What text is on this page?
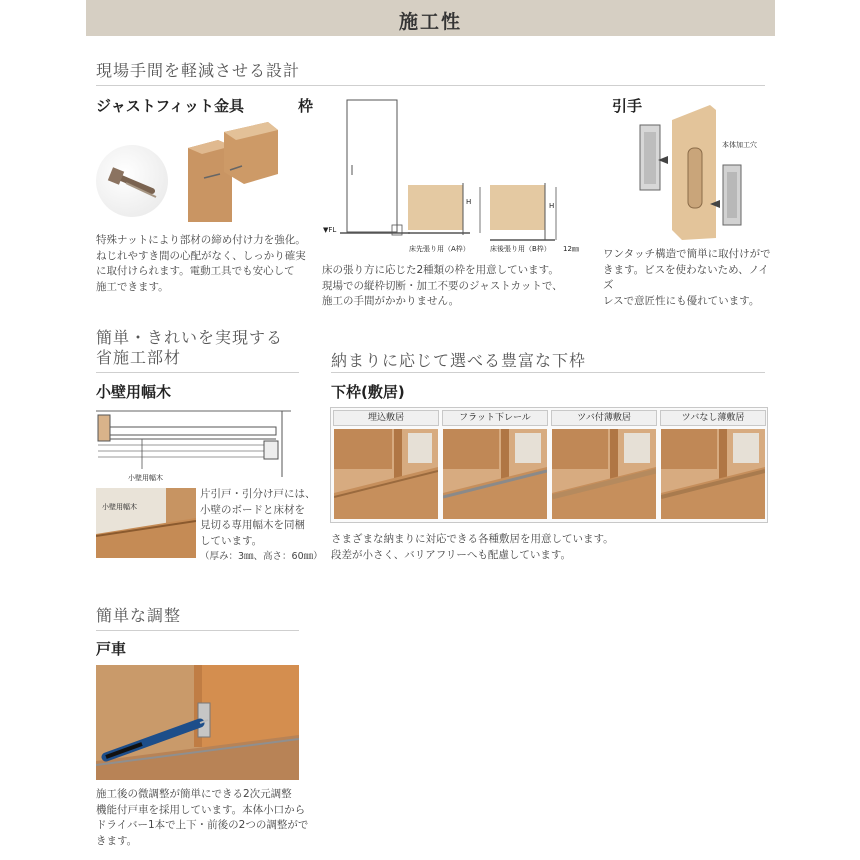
施工性
現場手間を軽減させる設計
ジャストフィット金具
特殊ナットにより部材の締め付け力を強化。
ねじれやすき間の心配がなく、しっかり確実
に取付けられます。電動工具でも安心して
施工できます。
枠
▼FL
H	H
床先張り用（A枠）	床後張り用（B枠） 12㎜
床の張り方に応じた2種類の枠を用意しています。
現場での縦枠切断・加工不要のジャストカットで、
施工の手間がかかりません。
引手
本体加工穴
ワンタッチ構造で簡単に取付けがで
きます。ビスを使わないため、ノイズ
レスで意匠性にも優れています。
簡単・きれいを実現する
省施工部材
小壁用幅木
小壁用幅木
小壁用幅木
片引戸・引分け戸には、
小壁のボードと床材を
見切る専用幅木を同梱
しています。
（厚み：3㎜、高さ：60㎜）
納まりに応じて選べる豊富な下枠
下枠(敷居)
埋込敷居	フラット下レール	ツバ付薄敷居	ツバなし薄敷居
さまざまな納まりに対応できる各種敷居を用意しています。
段差が小さく、バリアフリーへも配慮しています。
簡単な調整
戸車
施工後の微調整が簡単にできる2次元調整
機能付戸車を採用しています。本体小口から
ドライバー1本で上下・前後の2つの調整がで
きます。
